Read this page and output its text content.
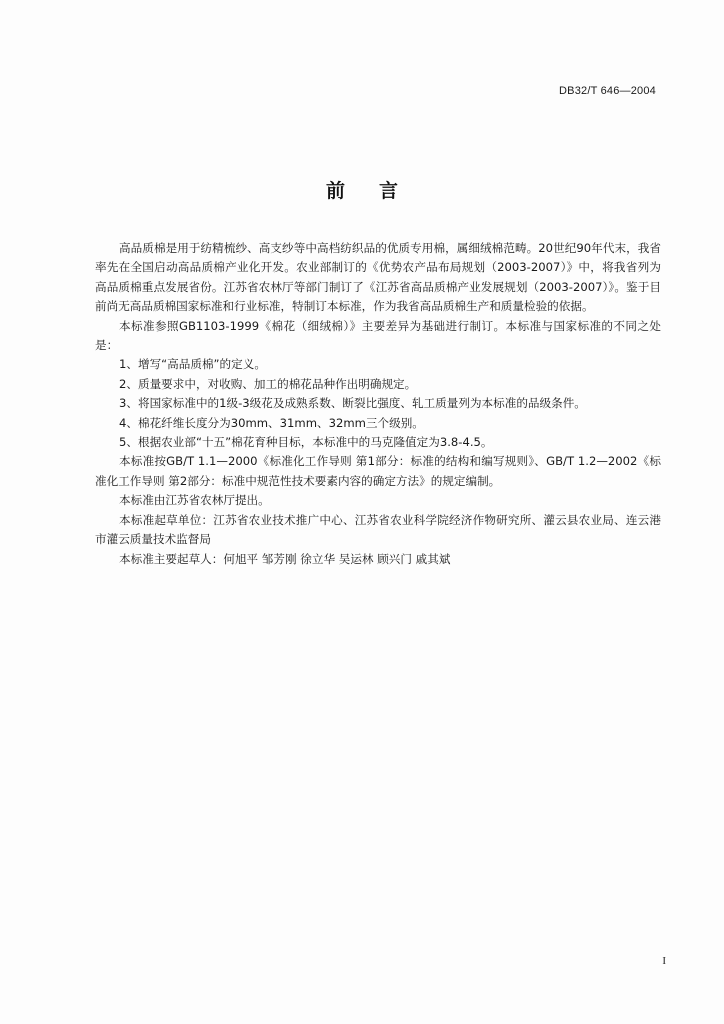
DB32/T 646—2004
前言

高品质棉是用于纺精梳纱、高支纱等中高档纺织品的优质专用棉，属细绒棉范畴。20世纪90年代末，我省率先在全国启动高品质棉产业化开发。农业部制订的《优势农产品布局规划（2003-2007）》中，将我省列为高品质棉重点发展省份。江苏省农林厅等部门制订了《江苏省高品质棉产业发展规划（2003-2007）》。鉴于目前尚无高品质棉国家标准和行业标准，特制订本标准，作为我省高品质棉生产和质量检验的依据。

本标准参照GB1103-1999《棉花（细绒棉）》主要差异为基础进行制订。本标准与国家标准的不同之处是：

1、增写“高品质棉”的定义。

2、质量要求中，对收购、加工的棉花品种作出明确规定。

3、将国家标准中的1级-3级花及成熟系数、断裂比强度、轧工质量列为本标准的品级条件。

4、棉花纤维长度分为30mm、31mm、32mm三个级别。

5、根据农业部“十五”棉花育种目标，本标准中的马克隆值定为3.8-4.5。

本标准按GB/T 1.1—2000《标准化工作导则 第1部分：标准的结构和编写规则》、GB/T 1.2—2002《标准化工作导则 第2部分：标准中规范性技术要素内容的确定方法》的规定编制。

本标准由江苏省农林厅提出。

本标准起草单位：江苏省农业技术推广中心、江苏省农业科学院经济作物研究所、灌云县农业局、连云港市灌云质量技术监督局

本标准主要起草人：何旭平 邹芳刚 徐立华 吴运林 顾兴门 戚其斌

I
